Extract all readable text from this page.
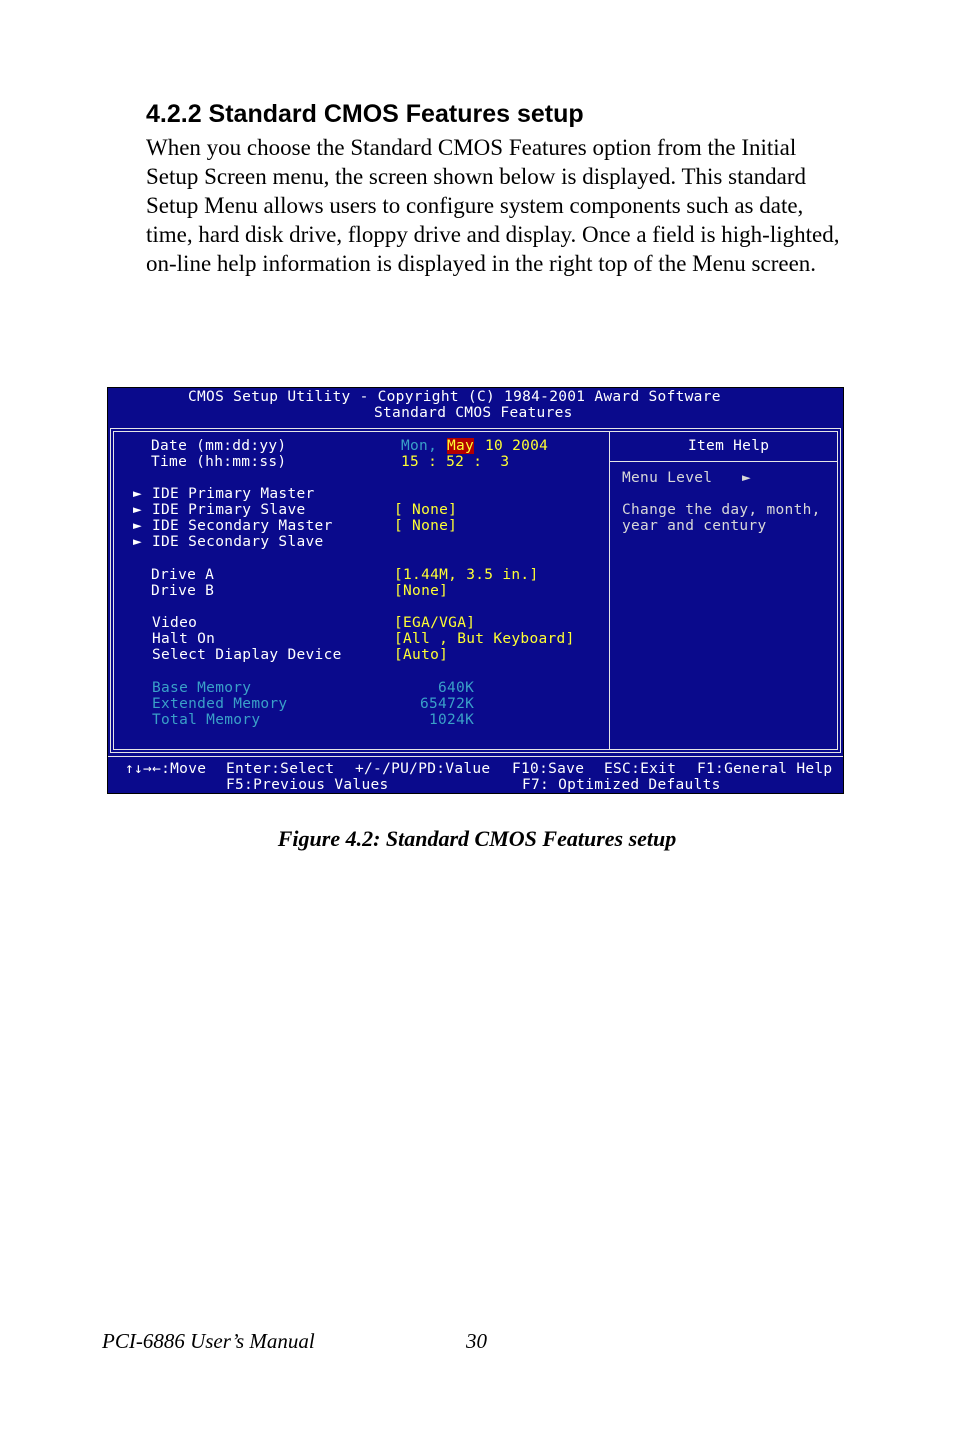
4.2.2 Standard CMOS Features setup

When you choose the Standard CMOS Features option from the Initial Setup Screen menu, the screen shown below is displayed. This standard Setup Menu allows users to configure system components such as date, time, hard disk drive, floppy drive and display. Once a field is high-lighted, on-line help information is displayed in the right top of the Menu screen.

CMOS Setup Utility - Copyright (C) 1984-2001 Award Software
Standard CMOS Features
Date (mm:dd:yy)	Mon, May 10 2004
Time (hh:mm:ss)	15 : 52 :  3
► IDE Primary Master
► IDE Primary Slave	[ None]
► IDE Secondary Master	[ None]
► IDE Secondary Slave
Drive A	[1.44M, 3.5 in.]
Drive B	[None]
Video	[EGA/VGA]
Halt On	[All , But Keyboard]
Select Diaplay Device	[Auto]
Base Memory	640K
Extended Memory	65472K
Total Memory	1024K
Item Help
Menu Level ►
Change the day, month,
year and century
↑↓→←:Move Enter:Select +/-/PU/PD:Value F10:Save ESC:Exit F1:General Help
F5:Previous Values	F7: Optimized Defaults
Figure 4.2: Standard CMOS Features setup
PCI-6886 User’s Manual	30
